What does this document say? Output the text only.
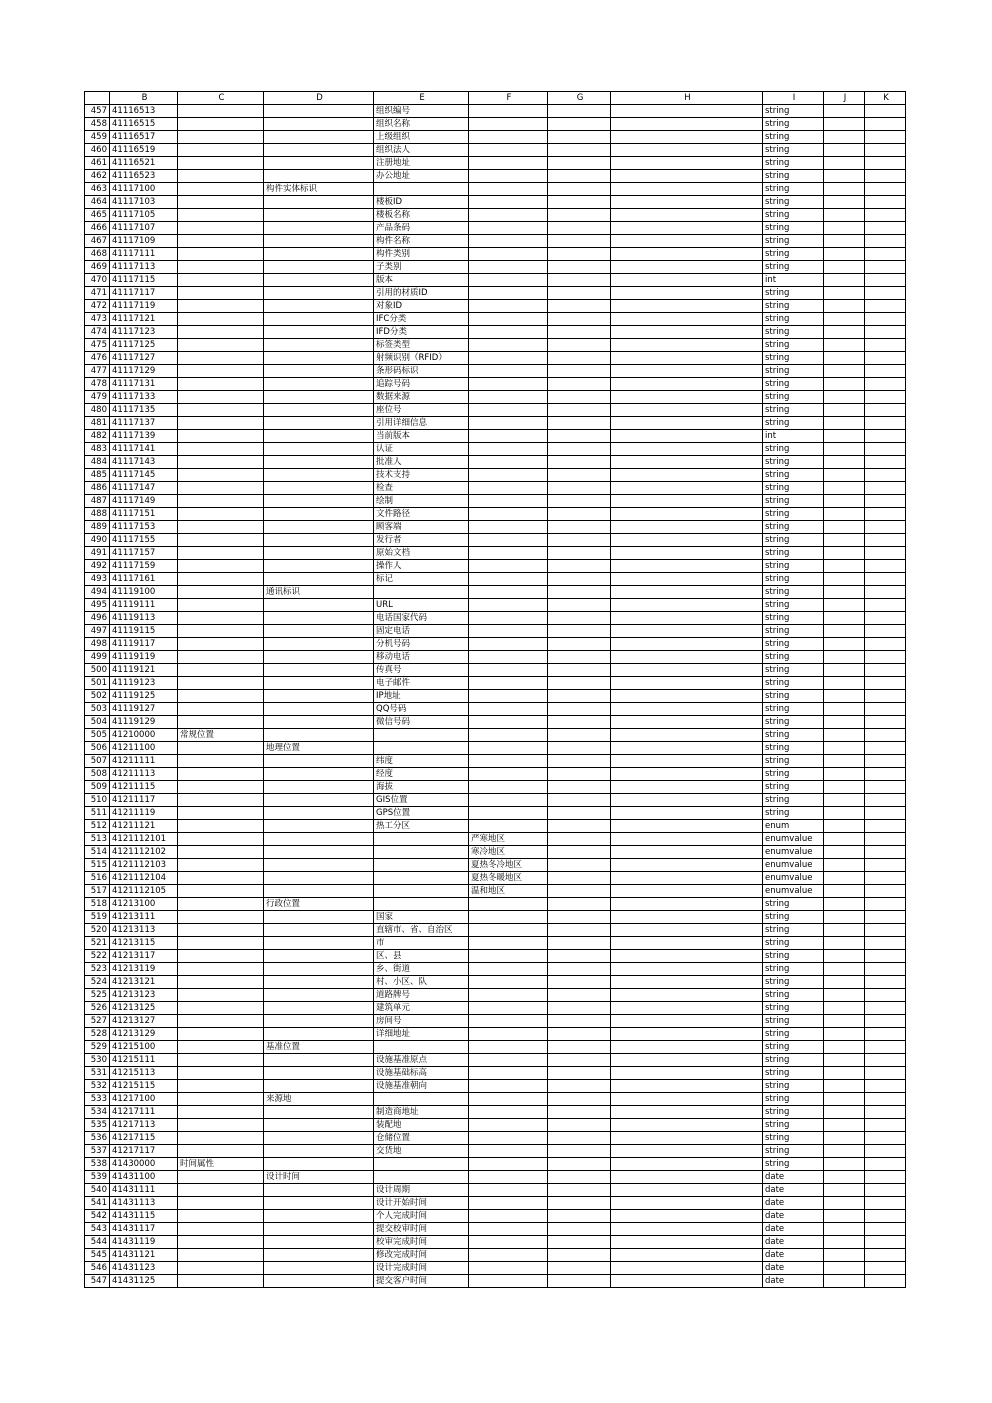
	B	C	D	E	F	G	H	I	J	K
457	41116513			组织编号				string		
458	41116515			组织名称				string		
459	41116517			上级组织				string		
460	41116519			组织法人				string		
461	41116521			注册地址				string		
462	41116523			办公地址				string		
463	41117100		构件实体标识					string		
464	41117103			楼板ID				string		
465	41117105			楼板名称				string		
466	41117107			产品条码				string		
467	41117109			构件名称				string		
468	41117111			构件类别				string		
469	41117113			子类别				string		
470	41117115			版本				int		
471	41117117			引用的材质ID				string		
472	41117119			对象ID				string		
473	41117121			IFC分类				string		
474	41117123			IFD分类				string		
475	41117125			标签类型				string		
476	41117127			射频识别（RFID）				string		
477	41117129			条形码标识				string		
478	41117131			追踪号码				string		
479	41117133			数据来源				string		
480	41117135			座位号				string		
481	41117137			引用详细信息				string		
482	41117139			当前版本				int		
483	41117141			认证				string		
484	41117143			批准人				string		
485	41117145			技术支持				string		
486	41117147			检查				string		
487	41117149			绘制				string		
488	41117151			文件路径				string		
489	41117153			顾客端				string		
490	41117155			发行者				string		
491	41117157			原始文档				string		
492	41117159			操作人				string		
493	41117161			标记				string		
494	41119100		通讯标识					string		
495	41119111			URL				string		
496	41119113			电话国家代码				string		
497	41119115			固定电话				string		
498	41119117			分机号码				string		
499	41119119			移动电话				string		
500	41119121			传真号				string		
501	41119123			电子邮件				string		
502	41119125			IP地址				string		
503	41119127			QQ号码				string		
504	41119129			微信号码				string		
505	41210000	常规位置						string		
506	41211100		地理位置					string		
507	41211111			纬度				string		
508	41211113			经度				string		
509	41211115			海拔				string		
510	41211117			GIS位置				string		
511	41211119			GPS位置				string		
512	41211121			热工分区				enum		
513	4121112101				严寒地区			enumvalue		
514	4121112102				寒冷地区			enumvalue		
515	4121112103				夏热冬冷地区			enumvalue		
516	4121112104				夏热冬暖地区			enumvalue		
517	4121112105				温和地区			enumvalue		
518	41213100		行政位置					string		
519	41213111			国家				string		
520	41213113			直辖市、省、自治区				string		
521	41213115			市				string		
522	41213117			区、县				string		
523	41213119			乡、街道				string		
524	41213121			村、小区、队				string		
525	41213123			道路牌号				string		
526	41213125			建筑单元				string		
527	41213127			房间号				string		
528	41213129			详细地址				string		
529	41215100		基准位置					string		
530	41215111			设施基准原点				string		
531	41215113			设施基础标高				string		
532	41215115			设施基准朝向				string		
533	41217100		来源地					string		
534	41217111			制造商地址				string		
535	41217113			装配地				string		
536	41217115			仓储位置				string		
537	41217117			交货地				string		
538	41430000	时间属性						string		
539	41431100		设计时间					date		
540	41431111			设计周期				date		
541	41431113			设计开始时间				date		
542	41431115			个人完成时间				date		
543	41431117			提交校审时间				date		
544	41431119			校审完成时间				date		
545	41431121			修改完成时间				date		
546	41431123			设计完成时间				date		
547	41431125			提交客户时间				date		
